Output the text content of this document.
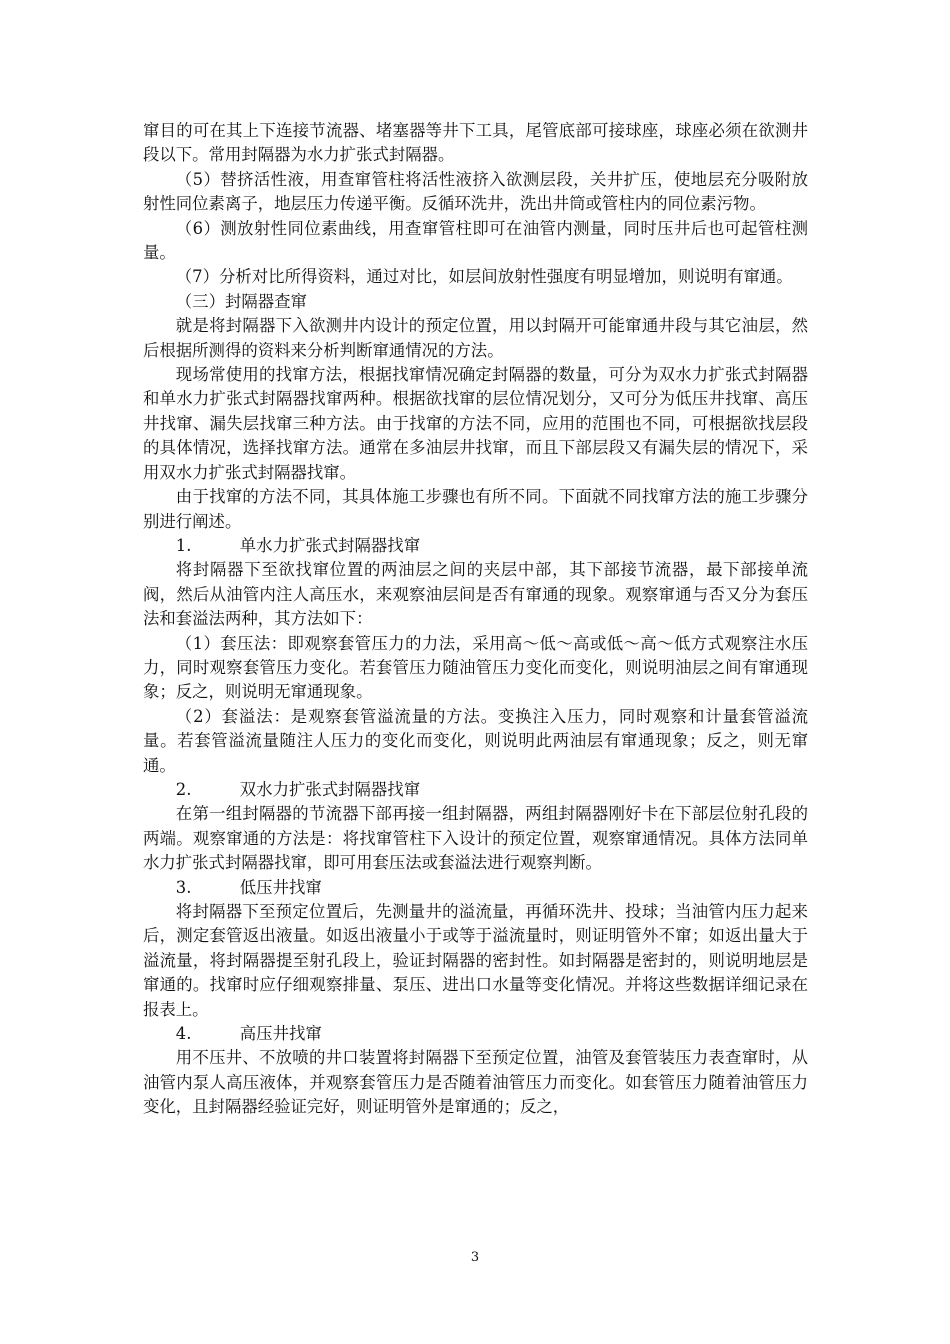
窜目的可在其上下连接节流器、堵塞器等井下工具，尾管底部可接球座，球座必须在欲测井段以下。常用封隔器为水力扩张式封隔器。

（5）替挤活性液，用查窜管柱将活性液挤入欲测层段，关井扩压，使地层充分吸附放射性同位素离子，地层压力传递平衡。反循环洗井，洗出井筒或管柱内的同位素污物。

（6）测放射性同位素曲线，用查窜管柱即可在油管内测量，同时压井后也可起管柱测量。

（7）分析对比所得资料，通过对比，如层间放射性强度有明显增加，则说明有窜通。

（三）封隔器查窜

就是将封隔器下入欲测井内设计的预定位置，用以封隔开可能窜通井段与其它油层，然后根据所测得的资料来分析判断窜通情况的方法。

现场常使用的找窜方法，根据找窜情况确定封隔器的数量，可分为双水力扩张式封隔器和单水力扩张式封隔器找窜两种。根据欲找窜的层位情况划分，又可分为低压井找窜、高压井找窜、漏失层找窜三种方法。由于找窜的方法不同，应用的范围也不同，可根据欲找层段的具体情况，选择找窜方法。通常在多油层井找窜，而且下部层段又有漏失层的情况下，采用双水力扩张式封隔器找窜。

由于找窜的方法不同，其具体施工步骤也有所不同。下面就不同找窜方法的施工步骤分别进行阐述。

1.	单水力扩张式封隔器找窜

将封隔器下至欲找窜位置的两油层之间的夹层中部，其下部接节流器，最下部接单流阀，然后从油管内注人高压水，来观察油层间是否有窜通的现象。观察窜通与否又分为套压法和套溢法两种，其方法如下：

（1）套压法：即观察套管压力的力法，采用高～低～高或低～高～低方式观察注水压力，同时观察套管压力变化。若套管压力随油管压力变化而变化，则说明油层之间有窜通现象；反之，则说明无窜通现象。

（2）套溢法：是观察套管溢流量的方法。变换注入压力，同时观察和计量套管溢流量。若套管溢流量随注人压力的变化而变化，则说明此两油层有窜通现象；反之，则无窜通。

2.	双水力扩张式封隔器找窜

在第一组封隔器的节流器下部再接一组封隔器，两组封隔器刚好卡在下部层位射孔段的两端。观察窜通的方法是：将找窜管柱下入设计的预定位置，观察窜通情况。具体方法同单水力扩张式封隔器找窜，即可用套压法或套溢法进行观察判断。

3.	低压井找窜

将封隔器下至预定位置后，先测量井的溢流量，再循环洗井、投球；当油管内压力起来后，测定套管返出液量。如返出液量小于或等于溢流量时，则证明管外不窜；如返出量大于溢流量，将封隔器提至射孔段上，验证封隔器的密封性。如封隔器是密封的，则说明地层是窜通的。找窜时应仔细观察排量、泵压、进出口水量等变化情况。并将这些数据详细记录在报表上。

4.	高压井找窜

用不压井、不放喷的井口装置将封隔器下至预定位置，油管及套管装压力表查窜时，从油管内泵人高压液体，并观察套管压力是否随着油管压力而变化。如套管压力随着油管压力变化，且封隔器经验证完好，则证明管外是窜通的；反之，

3
